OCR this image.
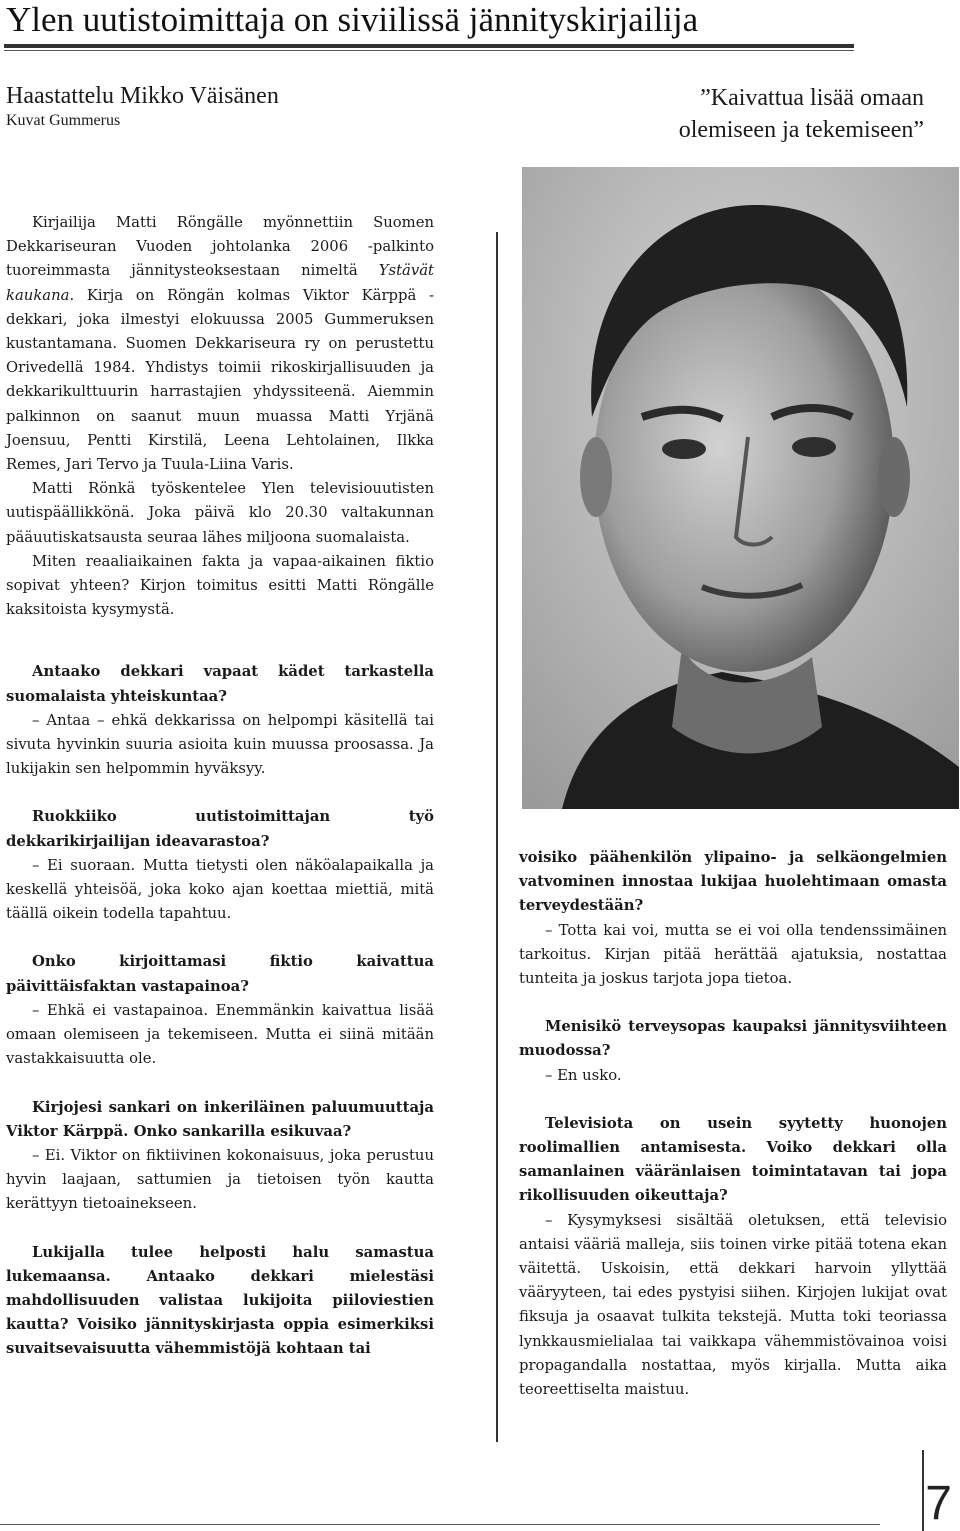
Ylen uutistoimittaja on siviilissä jännityskirjailija
Haastattelu Mikko Väisänen
Kuvat Gummerus
”Kaivattua lisää omaan
olemiseen ja tekemiseen”

Kirjailija Matti Röngälle myönnettiin Suomen Dekkariseuran Vuoden johtolanka 2006 -palkinto tuoreimmasta jännitysteoksestaan nimeltä Ystävät kaukana. Kirja on Röngän kolmas Viktor Kärppä -dekkari, joka ilmestyi elokuussa 2005 Gummeruksen kustantamana. Suomen Dekkariseura ry on perustettu Orivedellä 1984. Yhdistys toimii rikoskirjallisuuden ja dekkarikulttuurin harrastajien yhdyssiteenä. Aiemmin palkinnon on saanut muun muassa Matti Yrjänä Joensuu, Pentti Kirstilä, Leena Lehtolainen, Ilkka Remes, Jari Tervo ja Tuula-Liina Varis.

Matti Rönkä työskentelee Ylen televisiouutisten uutispäällikkönä. Joka päivä klo 20.30 valtakunnan pääuutiskatsausta seuraa lähes miljoona suomalaista.

Miten reaaliaikainen fakta ja vapaa-aikainen fiktio sopivat yhteen? Kirjon toimitus esitti Matti Röngälle kaksitoista kysymystä.

Antaako dekkari vapaat kädet tarkastella suomalaista yhteiskuntaa?

– Antaa – ehkä dekkarissa on helpompi käsitellä tai sivuta hyvinkin suuria asioita kuin muussa proosassa. Ja lukijakin sen helpommin hyväksyy.

Ruokkiiko uutistoimittajan työ dekkarikirjailijan ideavarastoa?

– Ei suoraan. Mutta tietysti olen näköalapaikalla ja keskellä yhteisöä, joka koko ajan koettaa miettiä, mitä täällä oikein todella tapahtuu.

Onko kirjoittamasi fiktio kaivattua päivittäisfaktan vastapainoa?

– Ehkä ei vastapainoa. Enemmänkin kaivattua lisää omaan olemiseen ja tekemiseen. Mutta ei siinä mitään vastakkaisuutta ole.

Kirjojesi sankari on inkeriläinen paluumuuttaja Viktor Kärppä. Onko sankarilla esikuvaa?

– Ei. Viktor on fiktiivinen kokonaisuus, joka perustuu hyvin laajaan, sattumien ja tietoisen työn kautta kerättyyn tietoainekseen.

Lukijalla tulee helposti halu samastua lukemaansa. Antaako dekkari mielestäsi mahdollisuuden valistaa lukijoita piiloviestien kautta? Voisiko jännityskirjasta oppia esimerkiksi suvaitsevaisuutta vähemmistöjä kohtaan tai

voisiko päähenkilön ylipaino- ja selkäongelmien vatvominen innostaa lukijaa huolehtimaan omasta terveydestään?

– Totta kai voi, mutta se ei voi olla tendenssimäinen tarkoitus. Kirjan pitää herättää ajatuksia, nostattaa tunteita ja joskus tarjota jopa tietoa.

Menisikö terveysopas kaupaksi jännitysviihteen muodossa?

– En usko.

Televisiota on usein syytetty huonojen roolimallien antamisesta. Voiko dekkari olla samanlainen vääränlaisen toimintatavan tai jopa rikollisuuden oikeuttaja?

– Kysymyksesi sisältää oletuksen, että televisio antaisi vääriä malleja, siis toinen virke pitää totena ekan väitettä. Uskoisin, että dekkari harvoin yllyttää vääryyteen, tai edes pystyisi siihen. Kirjojen lukijat ovat fiksuja ja osaavat tulkita tekstejä. Mutta toki teoriassa lynkkausmielialaa tai vaikkapa vähemmistövainoa voisi propagandalla nostattaa, myös kirjalla. Mutta aika teoreettiselta maistuu.

7
